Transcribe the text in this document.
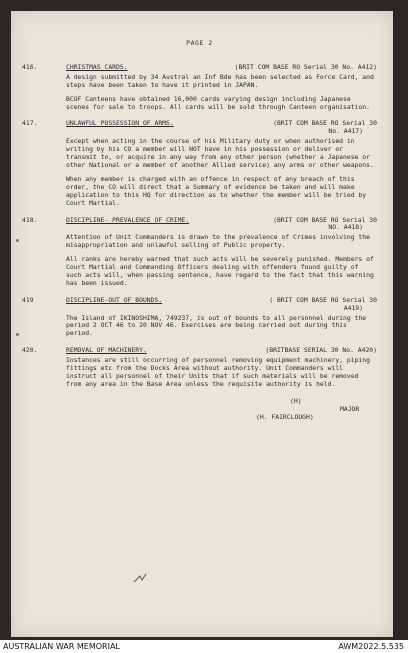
PAGE 2
416.	CHRISTMAS CARDS.	(BRIT COM BASE RO Serial 30 No. A412)
A design submitted by 34 Austral an Inf Bde has been selected as Force Card, and steps have been taken to have it printed in JAPAN.
BCOF Canteens have obtained 16,000 cards varying design including Japanese scenes for sale to troops. All cards will be sold through Canteen organisation.
417.	UNLAWFUL POSSESSION OF ARMS.	(BRIT COM BASE RO Serial 30
No. A417)
Except when acting in the course of his Military duty or when authorised in writing by his CO a member will NOT have in his possession or deliver or transmit to, or acquire in any way from any other person (whether a Japanese or other National or a member of another Allied service) any arms or other weapons.
When any member is charged with an offence in respect of any breach of this order, the CO will direct that a Summary of evidence be taken and will make application to this HQ for direction as to whether the member will be tried by Court Martial.
418.	DISCIPLINE- PREVALENCE OF CRIME.	(BRIT COM BASE RO Serial 30
NO. A418)
Attention of Unit Commanders is drawn to the prevalence of Crimes involving the misappropriation and unlawful selling of Public property.
All ranks are hereby warned that such acts will be severely punished. Members of Court Martial and Commanding Officers dealing with offenders found guilty of such acts will, when passing sentence, have regard to the fact that this warning has been issued.
419	DISCIPLINE-OUT OF BOUNDS.	( BRIT COM BASE RO Serial 30
A419)
The Island of IKINOSHIMA, 749237, is out of bounds to all personnel during the period 2 OCT 46 to 20 NOV 46. Exercises are being carried out during this period.
420.	REMOVAL OF MACHINERY.	(BRITBASE SERIAL 30 No. A420)
Instances are still occurring of personnel removing equipment machinery, piping fittings etc from the Docks Area without authority. Unit Commanders will instruct all personnel of their Units that if such materials will be removed from any area in the Base Area unless the requisite authority is held.
(H)
MAJOR
(H. FAIRCLOUGH)
AUSTRALIAN WAR MEMORIAL	AWM2022.5.535
